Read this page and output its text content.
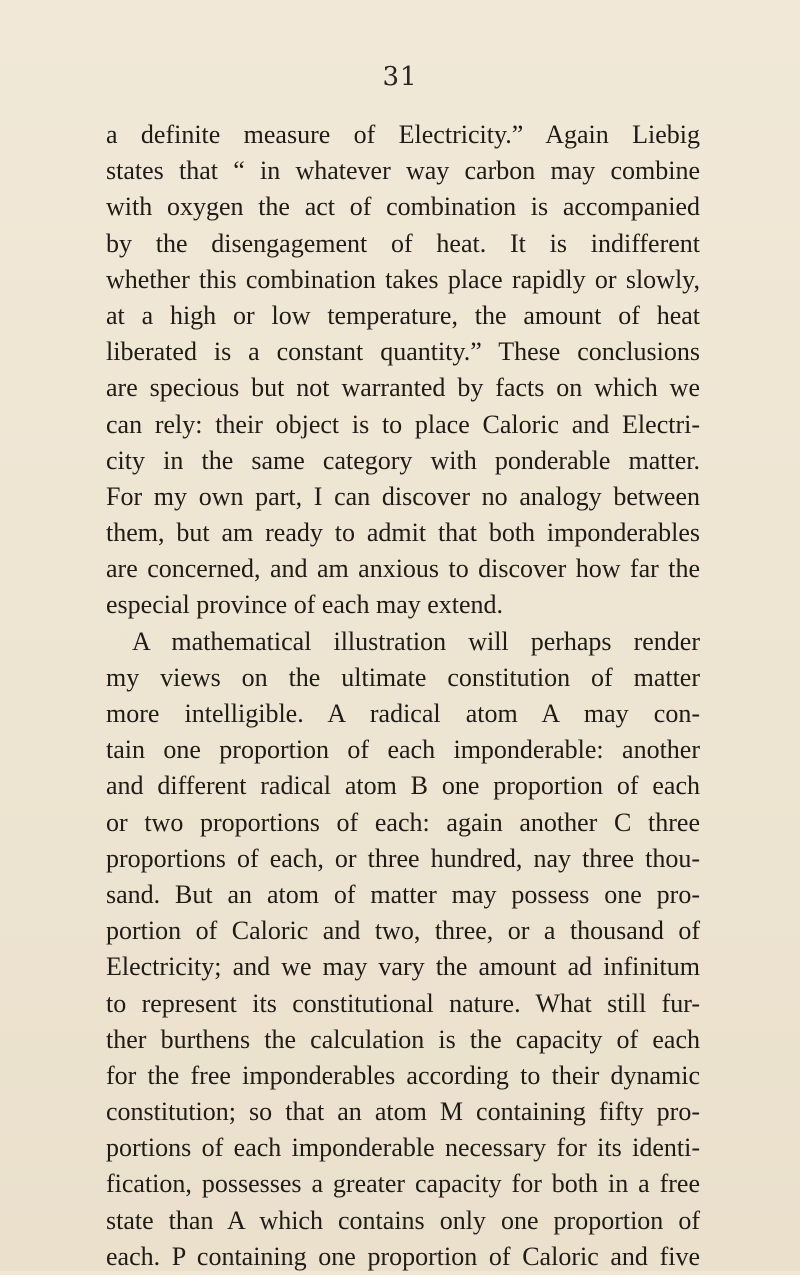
31
a definite measure of Electricity.” Again Liebig
states that “ in whatever way carbon may combine
with oxygen the act of combination is accompanied
by the disengagement of heat. It is indifferent
whether this combination takes place rapidly or slowly,
at a high or low temperature, the amount of heat
liberated is a constant quantity.” These conclusions
are specious but not warranted by facts on which we
can rely: their object is to place Caloric and Electri-
city in the same category with ponderable matter.
For my own part, I can discover no analogy between
them, but am ready to admit that both imponderables
are concerned, and am anxious to discover how far the
especial province of each may extend.
A mathematical illustration will perhaps render
my views on the ultimate constitution of matter
more intelligible. A radical atom A may con-
tain one proportion of each imponderable: another
and different radical atom B one proportion of each
or two proportions of each: again another C three
proportions of each, or three hundred, nay three thou-
sand. But an atom of matter may possess one pro-
portion of Caloric and two, three, or a thousand of
Electricity; and we may vary the amount ad infinitum
to represent its constitutional nature. What still fur-
ther burthens the calculation is the capacity of each
for the free imponderables according to their dynamic
constitution; so that an atom M containing fifty pro-
portions of each imponderable necessary for its identi-
fication, possesses a greater capacity for both in a free
state than A which contains only one proportion of
each. P containing one proportion of Caloric and five
